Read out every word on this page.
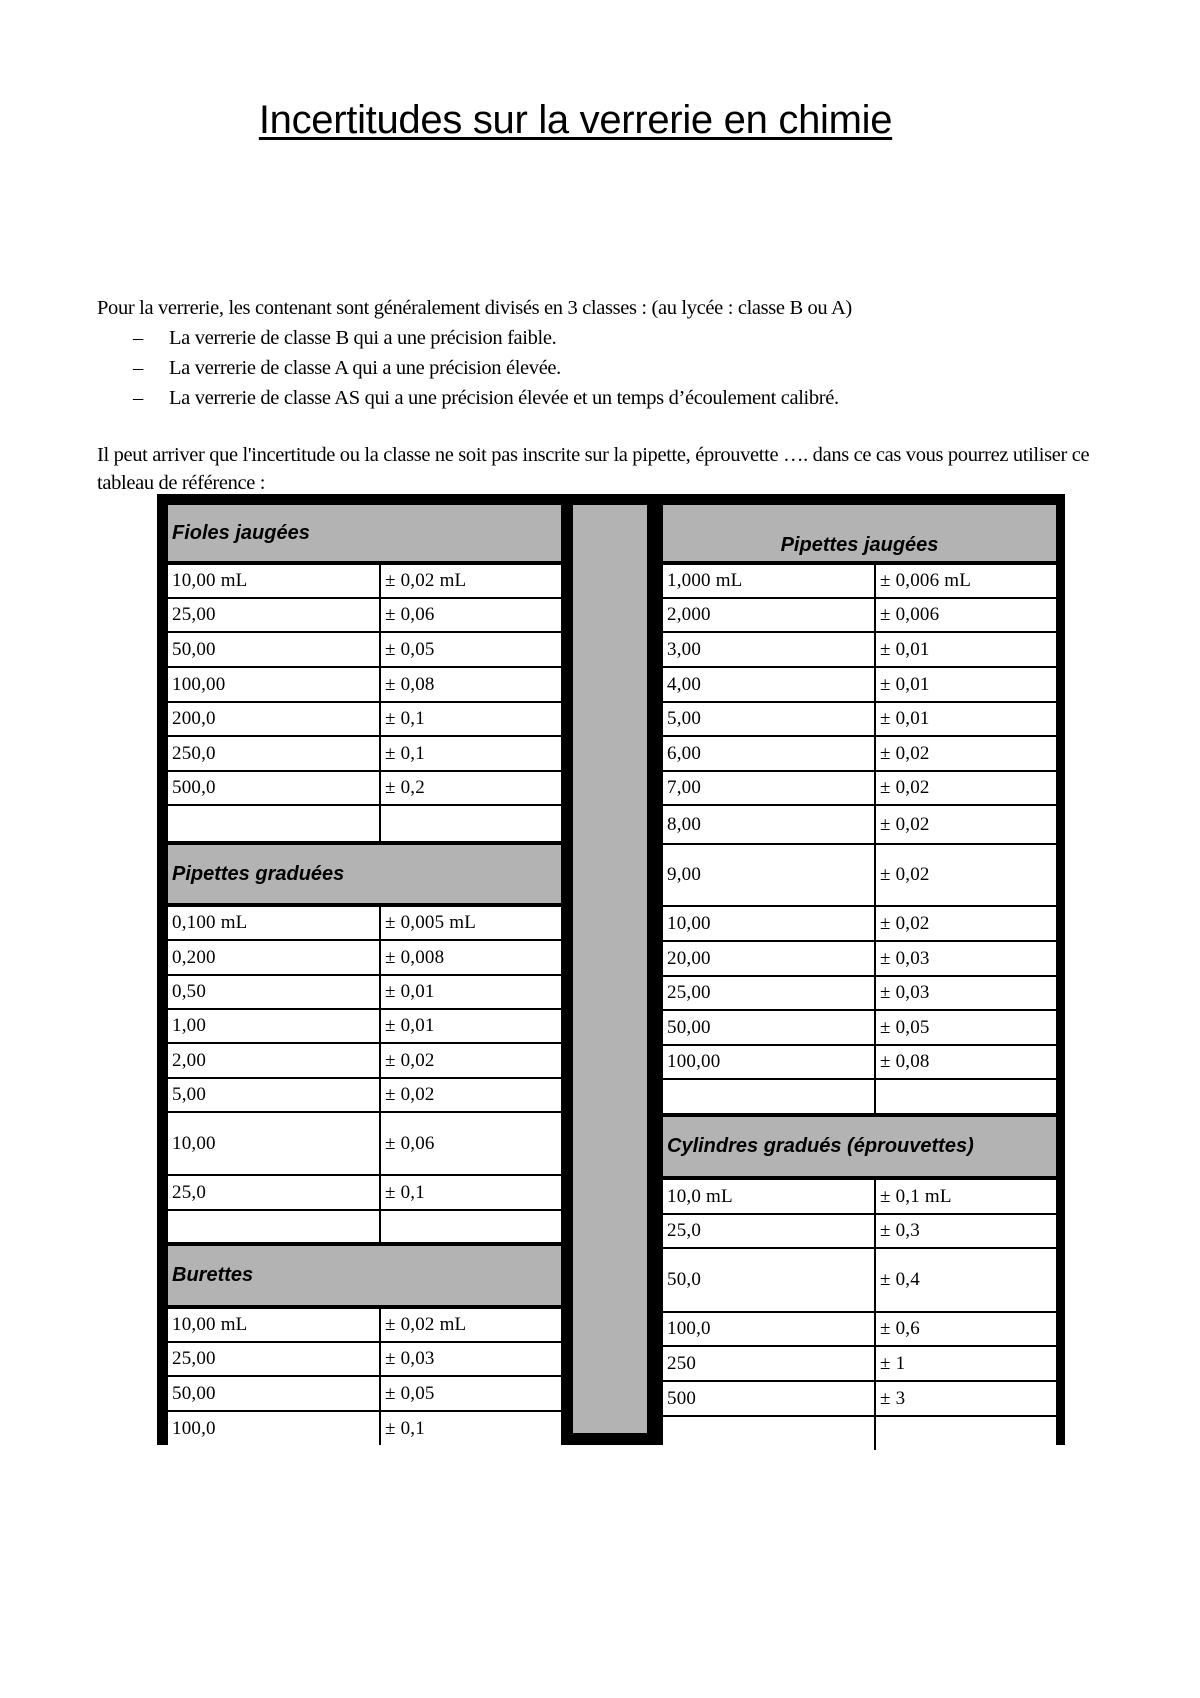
Incertitudes sur la verrerie en chimie
Pour la verrerie, les contenant sont généralement divisés en 3 classes : (au lycée : classe B ou A)
– La verrerie de classe B qui a une précision faible.
– La verrerie de classe A qui a une précision élevée.
– La verrerie de classe AS qui a une précision élevée et un temps d’écoulement calibré.
Il peut arriver que l'incertitude ou la classe ne soit pas inscrite sur la pipette, éprouvette …. dans ce cas vous pourrez utiliser ce tableau de référence :
Fioles jaugées
10,00 mL	± 0,02 mL
25,00	± 0,06
50,00	± 0,05
100,00	± 0,08
200,0	± 0,1
250,0	± 0,1
500,0	± 0,2
Pipettes graduées
0,100 mL	± 0,005 mL
0,200	± 0,008
0,50	± 0,01
1,00	± 0,01
2,00	± 0,02
5,00	± 0,02
10,00	± 0,06
25,0	± 0,1
Burettes
10,00 mL	± 0,02 mL
25,00	± 0,03
50,00	± 0,05
100,0	± 0,1
Pipettes jaugées
1,000 mL	± 0,006 mL
2,000	± 0,006
3,00	± 0,01
4,00	± 0,01
5,00	± 0,01
6,00	± 0,02
7,00	± 0,02
8,00	± 0,02
9,00	± 0,02
10,00	± 0,02
20,00	± 0,03
25,00	± 0,03
50,00	± 0,05
100,00	± 0,08
Cylindres gradués (éprouvettes)
10,0 mL	± 0,1 mL
25,0	± 0,3
50,0	± 0,4
100,0	± 0,6
250	± 1
500	± 3
